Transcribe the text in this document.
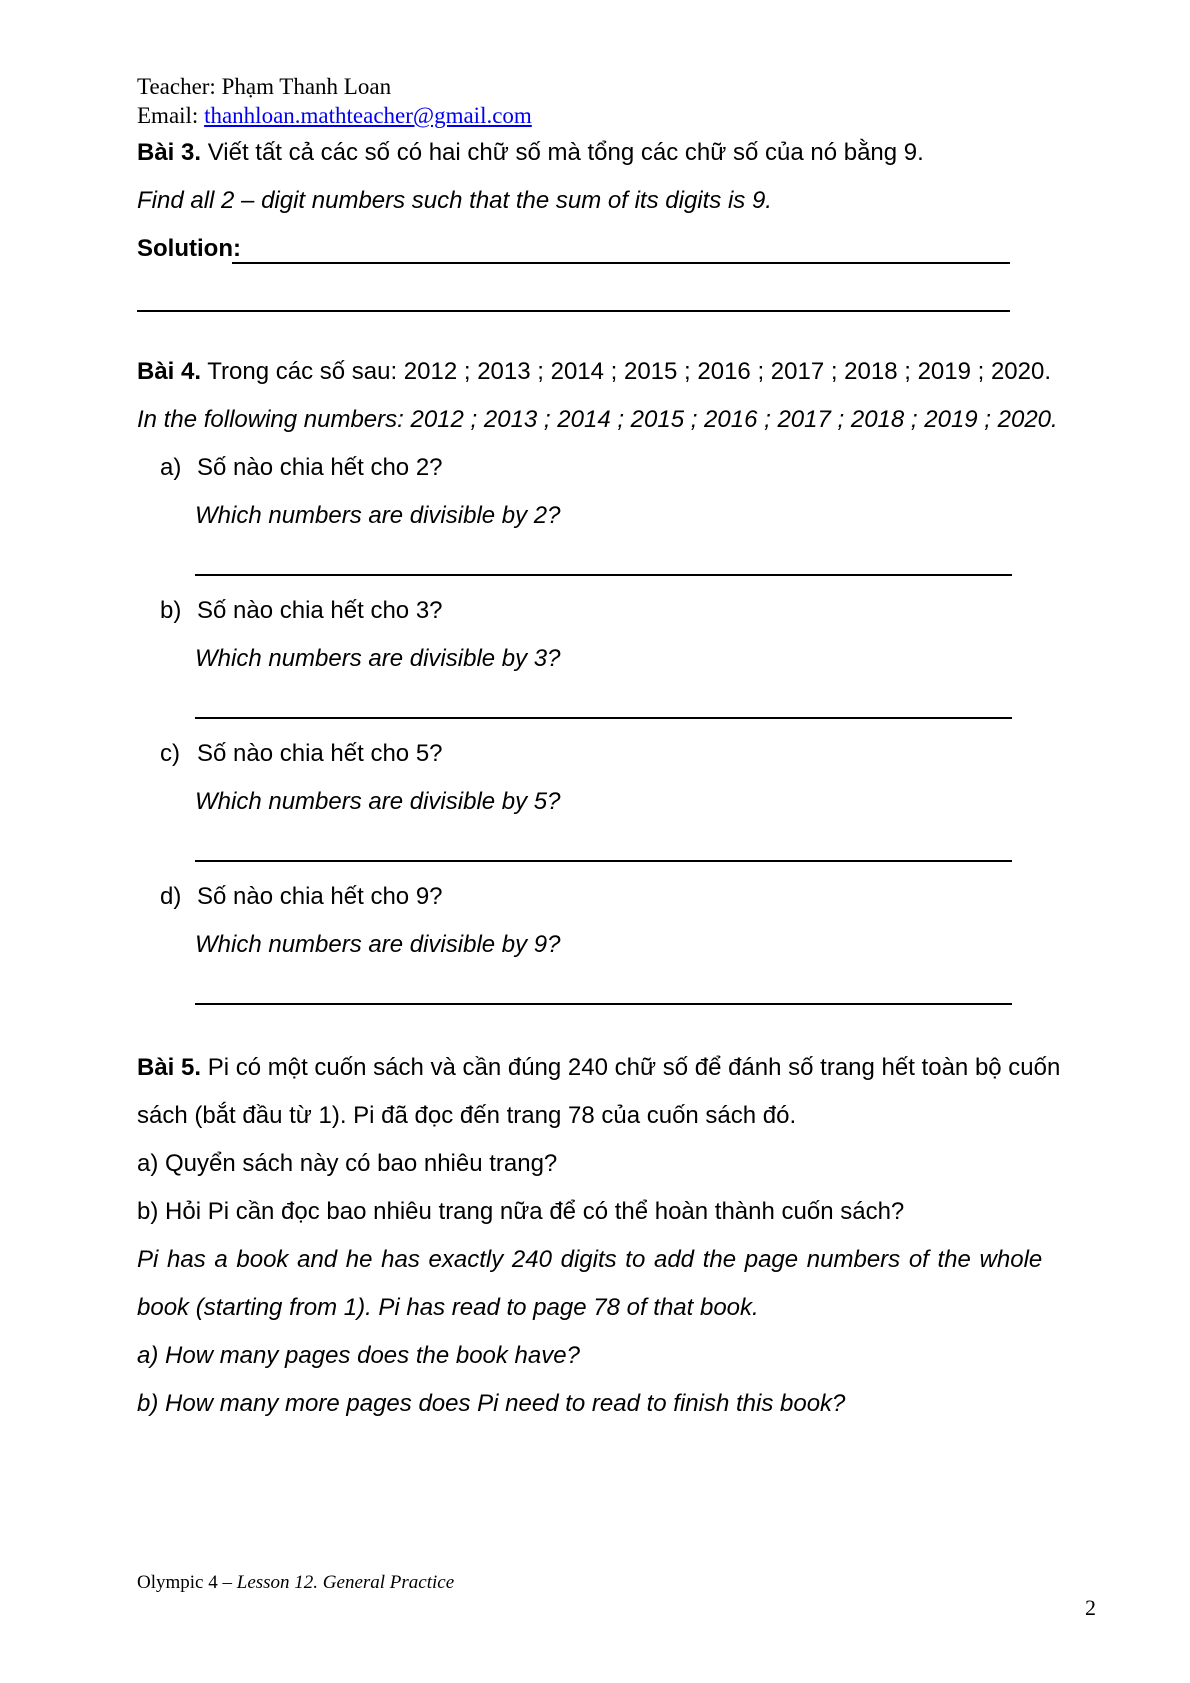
Teacher: Phạm Thanh Loan
Email: thanhloan.mathteacher@gmail.com
Bài 3. Viết tất cả các số có hai chữ số mà tổng các chữ số của nó bằng 9.
Find all 2 – digit numbers such that the sum of its digits is 9.
Solution:
Bài 4. Trong các số sau: 2012 ; 2013 ; 2014 ; 2015 ; 2016 ; 2017 ; 2018 ; 2019 ; 2020.
In the following numbers: 2012 ; 2013 ; 2014 ; 2015 ; 2016 ; 2017 ; 2018 ; 2019 ; 2020.
a) Số nào chia hết cho 2?
Which numbers are divisible by 2?
b) Số nào chia hết cho 3?
Which numbers are divisible by 3?
c) Số nào chia hết cho 5?
Which numbers are divisible by 5?
d) Số nào chia hết cho 9?
Which numbers are divisible by 9?
Bài 5. Pi có một cuốn sách và cần đúng 240 chữ số để đánh số trang hết toàn bộ cuốn
sách (bắt đầu từ 1). Pi đã đọc đến trang 78 của cuốn sách đó.
a) Quyển sách này có bao nhiêu trang?
b) Hỏi Pi cần đọc bao nhiêu trang nữa để có thể hoàn thành cuốn sách?
Pi has a book and he has exactly 240 digits to add the page numbers of the whole
book (starting from 1). Pi has read to page 78 of that book.
a) How many pages does the book have?
b) How many more pages does Pi need to read to finish this book?
Olympic 4 – Lesson 12. General Practice
2
